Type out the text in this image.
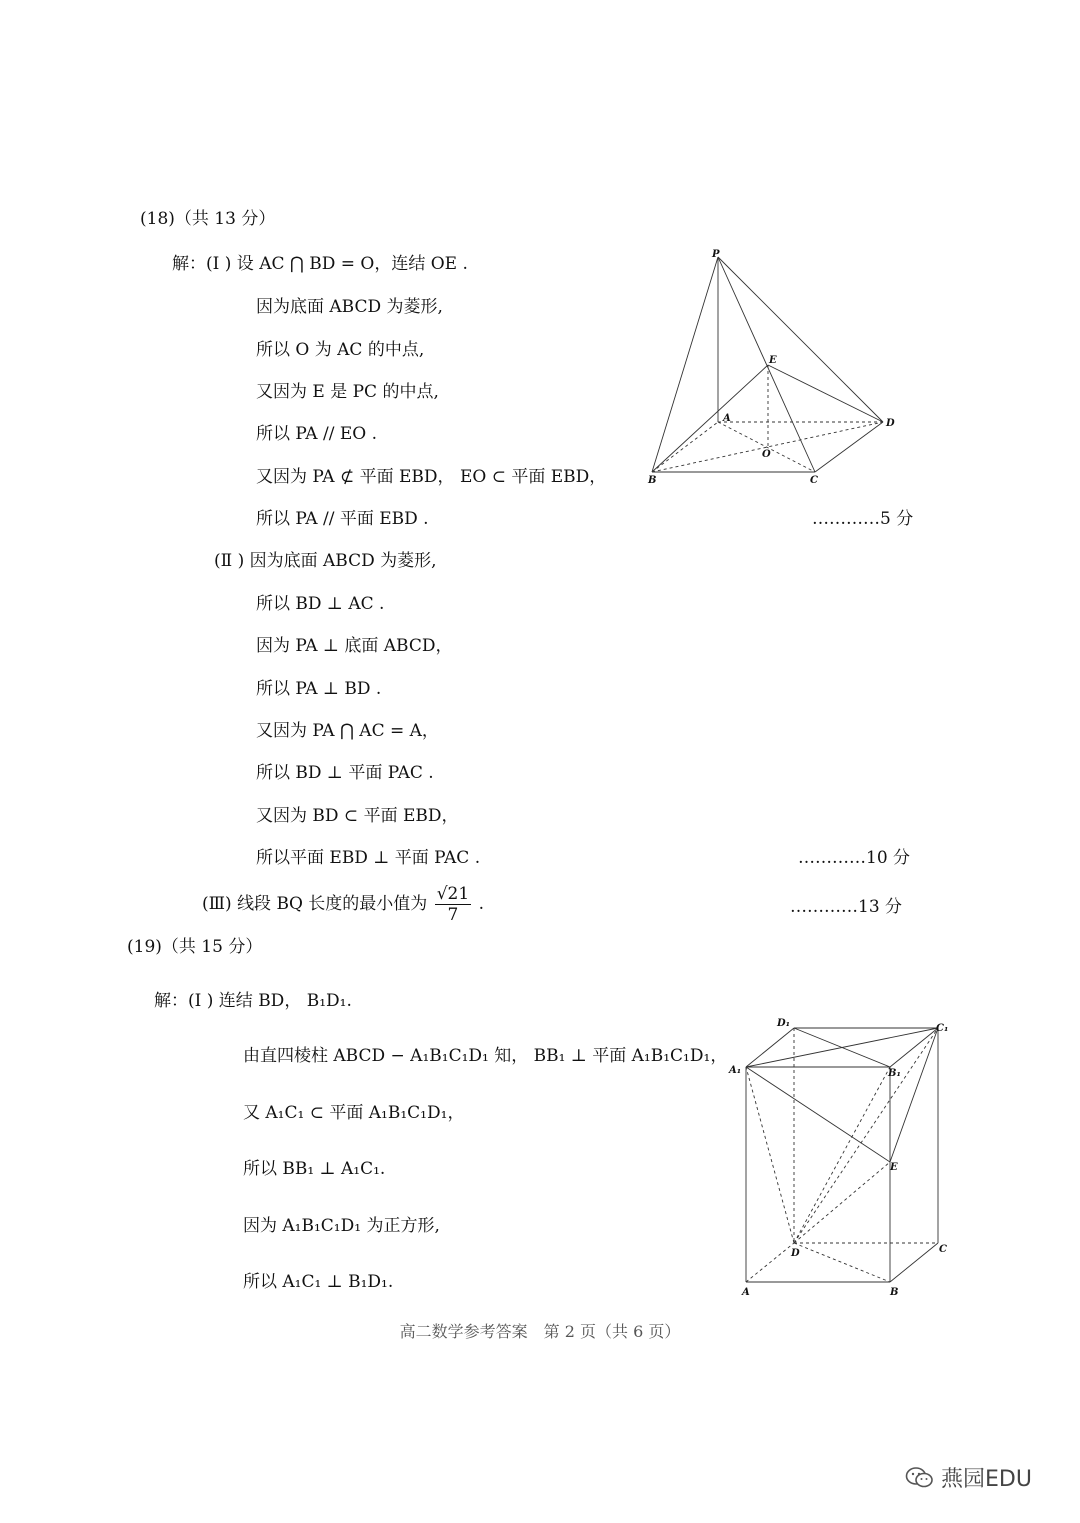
(18)（共 13 分）
解：(Ⅰ ) 设 AC ⋂ BD = O，连结 OE .
因为底面 ABCD 为菱形,
所以 O 为 AC 的中点,
又因为 E 是 PC 的中点,
所以 PA // EO .
又因为 PA ⊄ 平面 EBD， EO ⊂ 平面 EBD，
所以 PA // 平面 EBD .	…………5 分
(Ⅱ ) 因为底面 ABCD 为菱形,
所以 BD ⊥ AC .
因为 PA ⊥ 底面 ABCD，
所以 PA ⊥ BD .
又因为 PA ⋂ AC = A，
所以 BD ⊥ 平面 PAC .
又因为 BD ⊂ 平面 EBD，
所以平面 EBD ⊥ 平面 PAC .	…………10 分
(Ⅲ) 线段 BQ 长度的最小值为 $\frac{√21}{7}$ .	…………13 分
P
E
A	D
O
B	C
(19)（共 15 分）
解：(Ⅰ ) 连结 BD， B₁D₁.
由直四棱柱 ABCD − A₁B₁C₁D₁ 知， BB₁ ⊥ 平面 A₁B₁C₁D₁，
又 A₁C₁ ⊂ 平面 A₁B₁C₁D₁，
所以 BB₁ ⊥ A₁C₁.
因为 A₁B₁C₁D₁ 为正方形,
所以 A₁C₁ ⊥ B₁D₁.
D₁	C₁
A₁	B₁
E
D	C
A	B
高二数学参考答案　第 2 页（共 6 页）
燕园EDU
